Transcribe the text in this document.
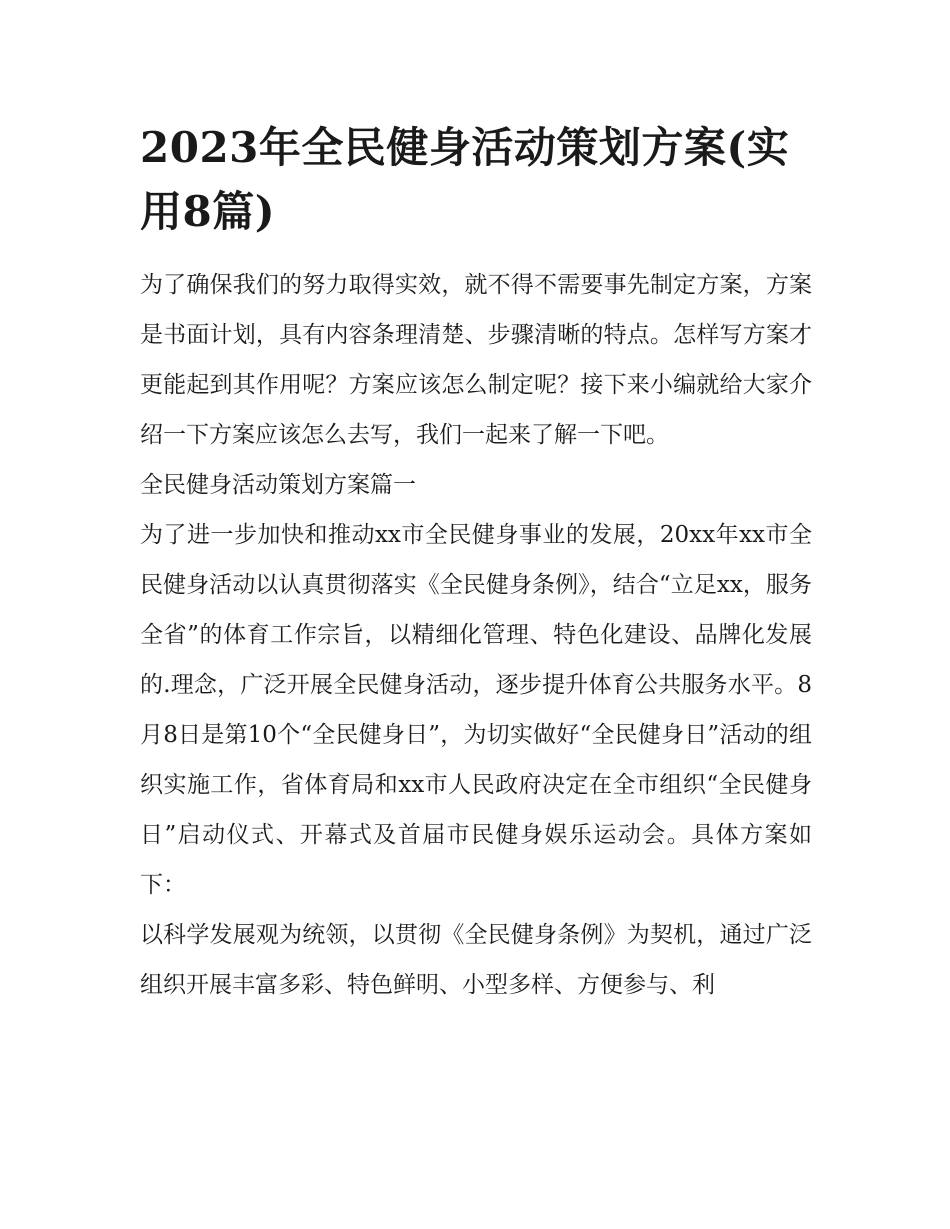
2023年全民健身活动策划方案(实用8篇)

为了确保我们的努力取得实效，就不得不需要事先制定方案，方案是书面计划，具有内容条理清楚、步骤清晰的特点。怎样写方案才更能起到其作用呢？方案应该怎么制定呢？接下来小编就给大家介绍一下方案应该怎么去写，我们一起来了解一下吧。

全民健身活动策划方案篇一

为了进一步加快和推动xx市全民健身事业的发展，20xx年xx市全民健身活动以认真贯彻落实《全民健身条例》，结合“立足xx，服务全省”的体育工作宗旨，以精细化管理、特色化建设、品牌化发展的.理念，广泛开展全民健身活动，逐步提升体育公共服务水平。8月8日是第10个“全民健身日”，为切实做好“全民健身日”活动的组织实施工作，省体育局和xx市人民政府决定在全市组织“全民健身日”启动仪式、开幕式及首届市民健身娱乐运动会。具体方案如下：

以科学发展观为统领，以贯彻《全民健身条例》为契机，通过广泛组织开展丰富多彩、特色鲜明、小型多样、方便参与、利
